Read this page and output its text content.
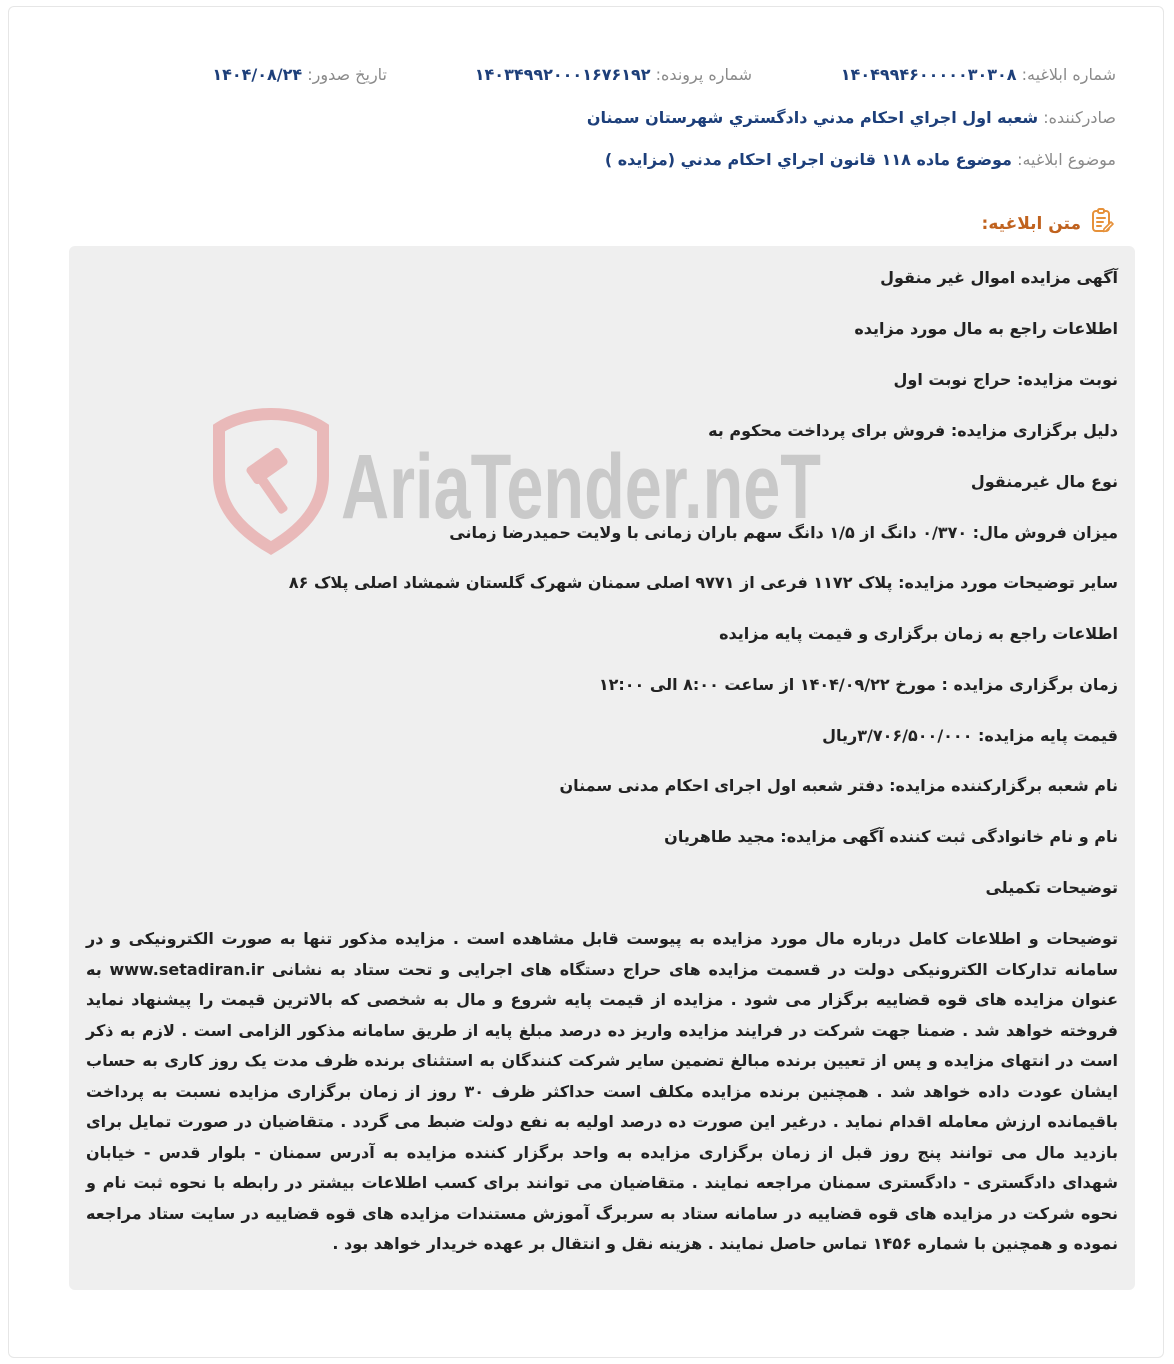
شماره ابلاغیه: ۱۴۰۴۹۹۴۶۰۰۰۰۰۳۰۳۰۸
شماره پرونده: ۱۴۰۳۴۹۹۲۰۰۰۱۶۷۶۱۹۲
تاریخ صدور: ۱۴۰۴/۰۸/۲۴
صادرکننده: شعبه اول اجراي احكام مدني دادگستري شهرستان سمنان
موضوع ابلاغیه: موضوع ماده ۱۱۸ قانون اجراي احكام مدني (مزايده )
متن ابلاغیه:
AriaTender.neT
آگهی مزایده اموال غیر منقول
اطلاعات راجع به مال مورد مزایده
نوبت مزایده: حراج نوبت اول
دلیل برگزاری مزایده: فروش برای پرداخت محکوم به
نوع مال غیرمنقول
میزان فروش مال: ۰/۳۷۰ دانگ از ۱/۵ دانگ سهم باران زمانی با ولایت حمیدرضا زمانی
سایر توضیحات مورد مزایده: پلاک ۱۱۷۲ فرعی از ۹۷۷۱ اصلی سمنان شهرک گلستان شمشاد اصلی پلاک ۸۶
اطلاعات راجع به زمان برگزاری و قیمت پایه مزایده
زمان برگزاری مزایده : مورخ ۱۴۰۴/۰۹/۲۲ از ساعت ۸:۰۰ الی ۱۲:۰۰
قیمت پایه مزایده: ۳/۷۰۶/۵۰۰/۰۰۰ریال
نام شعبه برگزارکننده مزایده: دفتر شعبه اول اجرای احکام مدنی سمنان
نام و نام خانوادگی ثبت کننده آگهی مزایده: مجید طاهریان
توضیحات تکمیلی
توضیحات و اطلاعات کامل درباره مال مورد مزایده به پیوست قابل مشاهده است . مزایده مذکور تنها به صورت الکترونیکی و در سامانه تدارکات الکترونیکی دولت در قسمت مزایده های حراج دستگاه های اجرایی و تحت ستاد به نشانی www.setadiran.ir به عنوان مزایده های قوه قضاییه برگزار می شود . مزایده از قیمت پایه شروع و مال به شخصی که بالاترین قیمت را پیشنهاد نماید فروخته خواهد شد . ضمنا جهت شرکت در فرایند مزایده واریز ده درصد مبلغ پایه از طریق سامانه مذکور الزامی است . لازم به ذکر است در انتهای مزایده و پس از تعیین برنده مبالغ تضمین سایر شرکت کنندگان به استثنای برنده ظرف مدت یک روز کاری به حساب ایشان عودت داده خواهد شد . همچنین برنده مزایده مکلف است حداکثر ظرف ۳۰ روز از زمان برگزاری مزایده نسبت به پرداخت باقیمانده ارزش معامله اقدام نماید . درغیر این صورت ده درصد اولیه به نفع دولت ضبط می گردد . متقاضیان در صورت تمایل برای بازدید مال می توانند پنج روز قبل از زمان برگزاری مزایده به واحد برگزار کننده مزایده به آدرس سمنان - بلوار قدس - خیابان شهدای دادگستری - دادگستری سمنان مراجعه نمایند . متقاضیان می توانند برای کسب اطلاعات بیشتر در رابطه با نحوه ثبت نام و نحوه شرکت در مزایده های قوه قضاییه در سامانه ستاد به سربرگ آموزش مستندات مزایده های قوه قضاییه در سایت ستاد مراجعه نموده و همچنین با شماره ۱۴۵۶ تماس حاصل نمایند . هزینه نقل و انتقال بر عهده خریدار خواهد بود .
